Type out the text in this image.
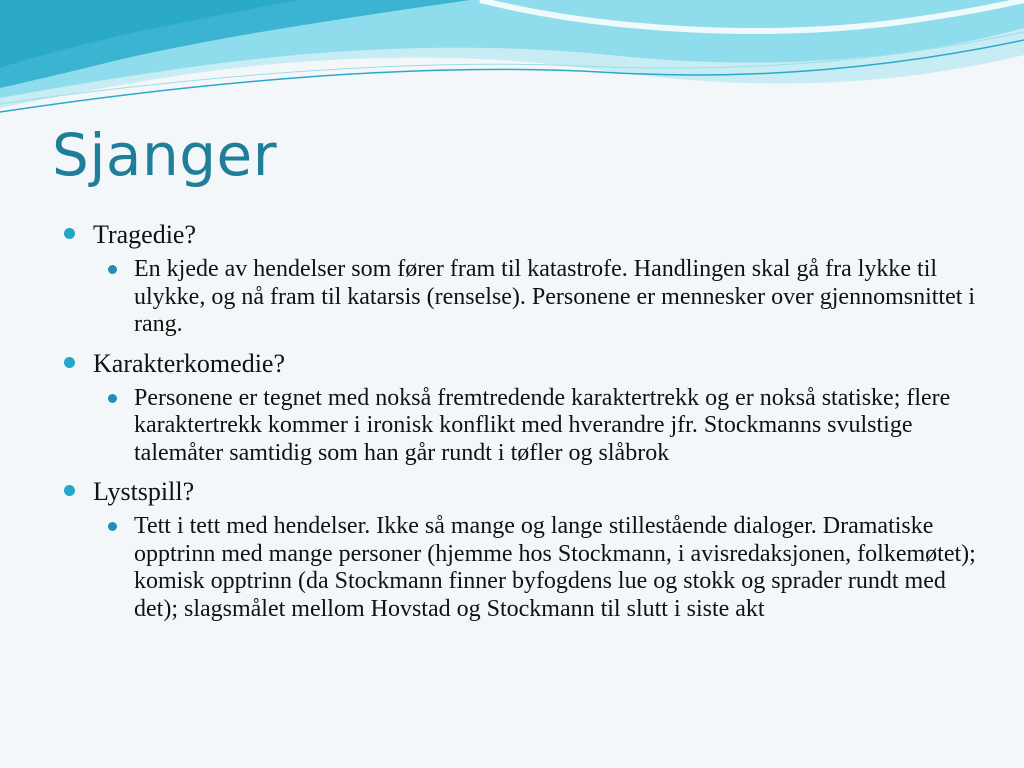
Sjanger
Tragedie?
En kjede av hendelser som fører fram til katastrofe. Handlingen skal gå fra lykke til ulykke, og nå fram til katarsis (renselse). Personene er mennesker over gjennomsnittet i rang.
Karakterkomedie?
Personene er tegnet med nokså fremtredende karaktertrekk og er nokså statiske; flere karaktertrekk kommer i ironisk konflikt med hverandre jfr. Stockmanns svulstige talemåter samtidig som han går rundt i tøfler og slåbrok
Lystspill?
Tett i tett med hendelser. Ikke så mange og lange stillestående dialoger. Dramatiske opptrinn med mange personer (hjemme hos Stockmann, i avisredaksjonen, folkemøtet); komisk opptrinn (da Stockmann finner byfogdens lue og stokk og sprader rundt med det); slagsmålet mellom Hovstad og Stockmann til slutt i siste akt
